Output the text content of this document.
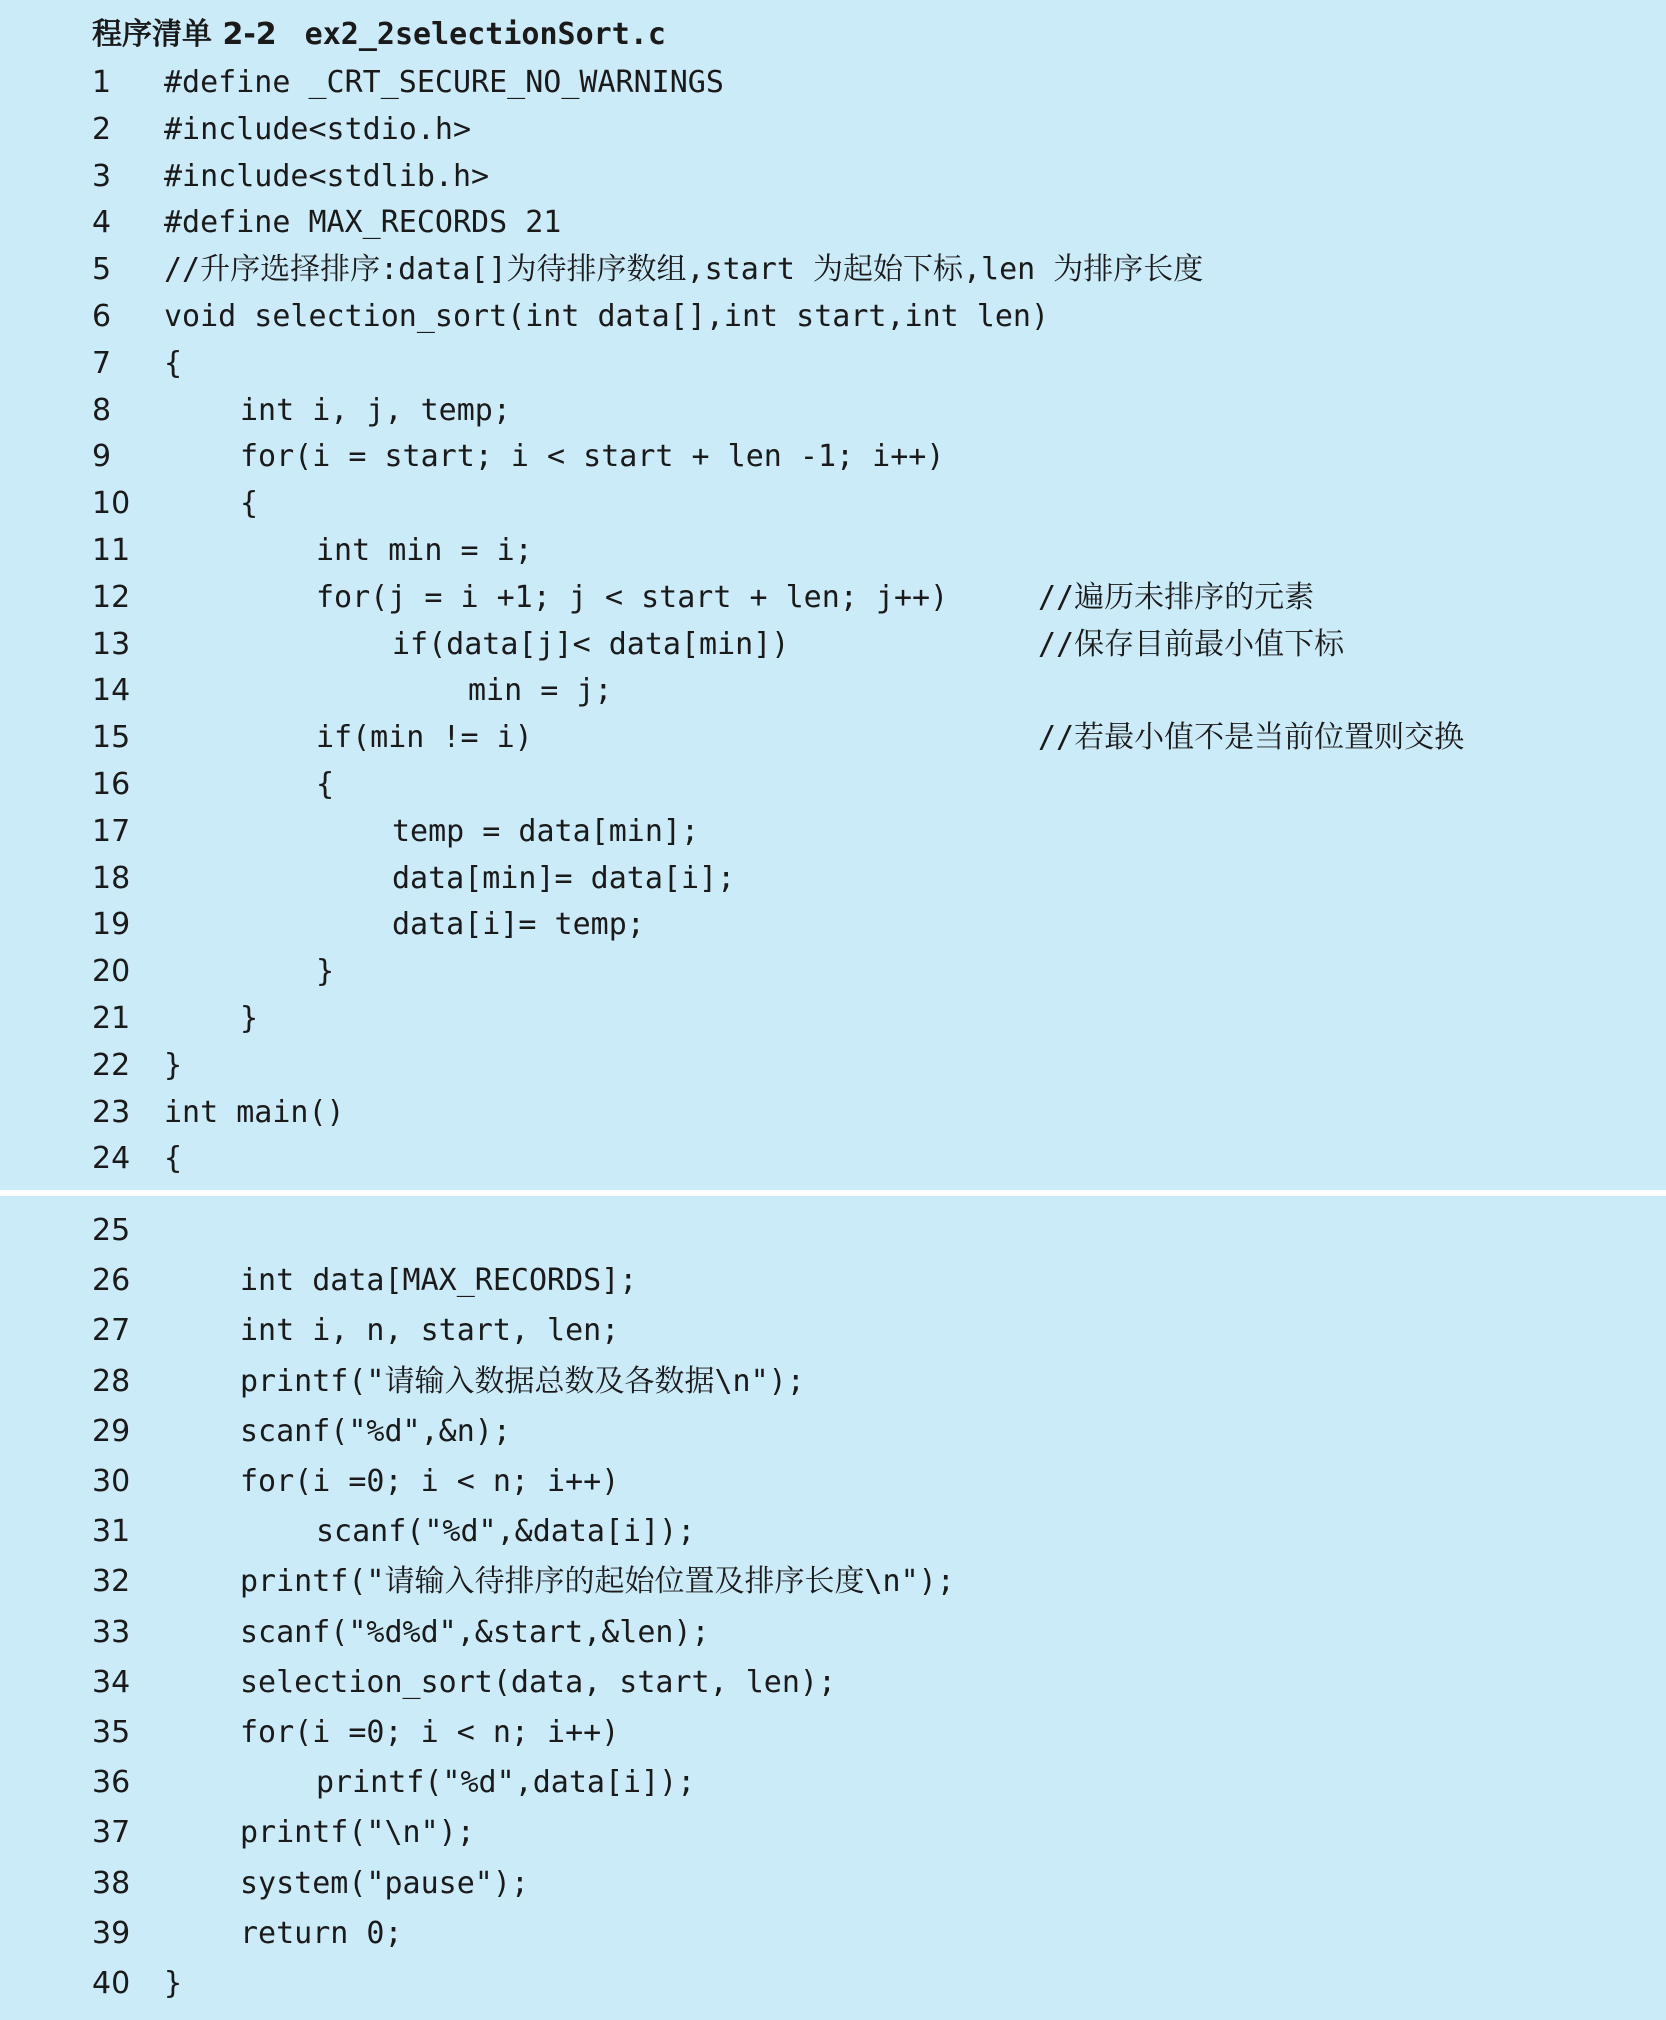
程序清单 2-2 ex2_2selectionSort.c
1 #define _CRT_SECURE_NO_WARNINGS
2 #include<stdio.h>
3 #include<stdlib.h>
4 #define MAX_RECORDS 21
5 //升序选择排序:data[]为待排序数组,start 为起始下标,len 为排序长度
6 void selection_sort(int data[],int start,int len)
7 {
8	int i, j, temp;
9	for(i = start; i < start + len -1; i++)
10	{
11	int min = i;
12	for(j = i +1; j < start + len; j++)	//遍历未排序的元素
13	if(data[j]< data[min])	//保存目前最小值下标
14	min = j;
15	if(min != i)	//若最小值不是当前位置则交换
16	{
17	temp = data[min];
18	data[min]= data[i];
19	data[i]= temp;
20	}
21	}
22 }
23 int main()
24 {
25
26	int data[MAX_RECORDS];
27	int i, n, start, len;
28	printf("请输入数据总数及各数据\n");
29	scanf("%d",&n);
30	for(i =0; i < n; i++)
31	scanf("%d",&data[i]);
32	printf("请输入待排序的起始位置及排序长度\n");
33	scanf("%d%d",&start,&len);
34	selection_sort(data, start, len);
35	for(i =0; i < n; i++)
36	printf("%d",data[i]);
37	printf("\n");
38	system("pause");
39	return 0;
40 }
